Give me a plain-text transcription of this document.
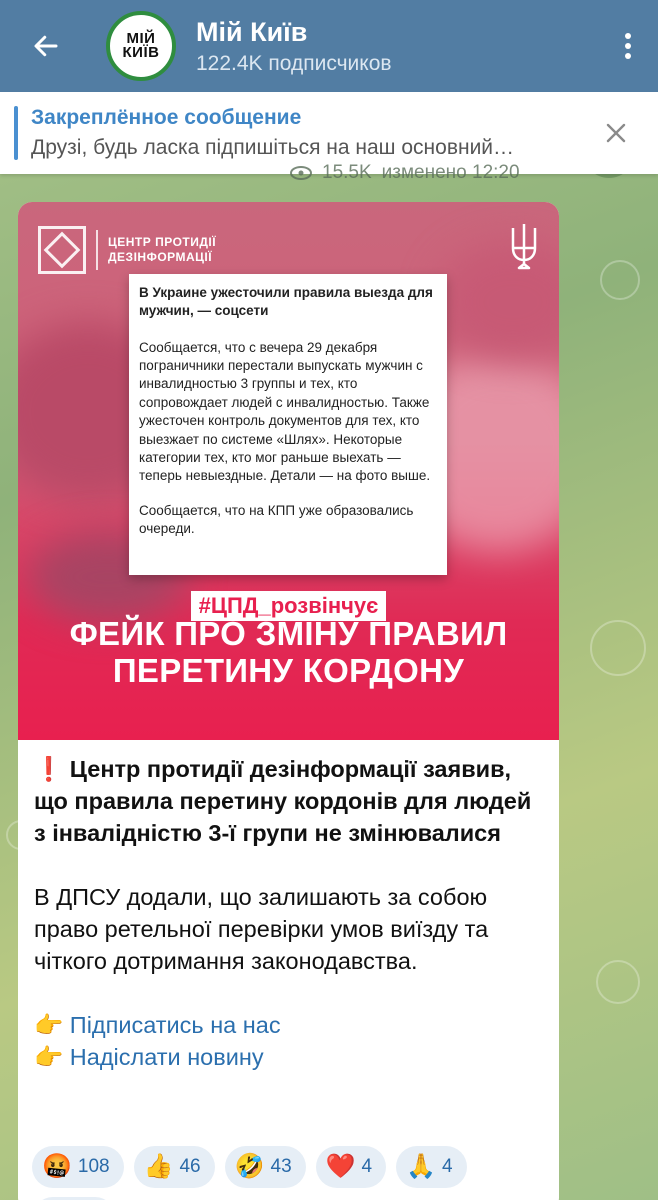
МІЙ
КИЇВ
Мій Київ
122.4K подписчиков
Закреплённое сообщение
Друзі, будь ласка підпишіться на наш основний…
15.5K изменено 12:20
ЦЕНТР ПРОТИДІЇ
ДЕЗІНФОРМАЦІЇ
В Украине ужесточили правила выезда для мужчин, — соцсети
Сообщается, что с вечера 29 декабря пограничники перестали выпускать мужчин с инвалидностью 3 группы и тех, кто сопровождает людей с инвалидностью. Также ужесточен контроль документов для тех, кто выезжает по системе «Шлях». Некоторые категории тех, кто мог раньше выехать — теперь невыездные. Детали — на фото выше.
Сообщается, что на КПП уже образовались очереди.
#ЦПД_розвінчує
ФЕЙК ПРО ЗМІНУ ПРАВИЛ
ПЕРЕТИНУ КОРДОНУ
❗ Центр протидії дезінформації заявив, що правила перетину кордонів для людей з інвалідністю 3-ї групи не змінювалися
В ДПСУ додали, що залишають за собою право ретельної перевірки умов виїзду та чіткого дотримання законодавства.
👉 Підписатись на нас
👉 Надіслати новину
🤬 108 👍 46 🤣 43 ❤️ 4 🙏 4
